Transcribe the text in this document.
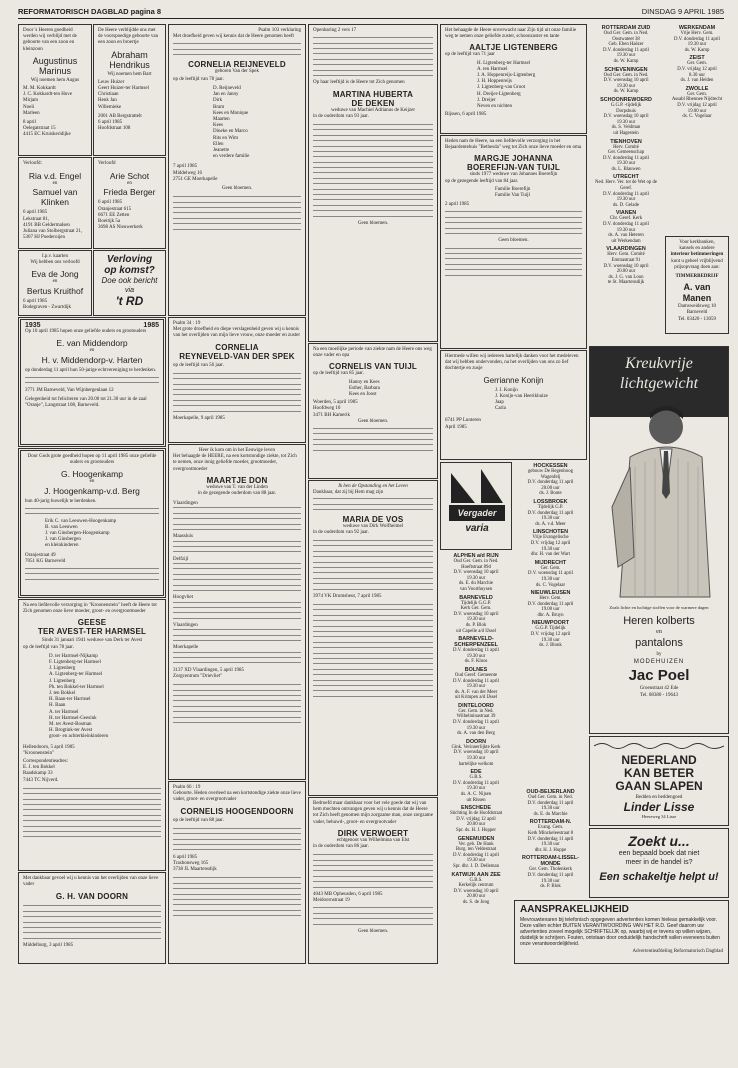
REFORMATORISCH DAGBLAD pagina 8	DINSDAG 9 APRIL 1985
Door 's Heeren goedheid werden wij verblijd met de geboorte van een zoon en kleinzoon
Augustinus Marinus
Wij noemen hem Augus
M. M. Kokkardt
J. C. Kokkardt-ten Hove
Mirjam
Noeli
Marleen
8 april
Oelegatstraat 15
4415 EC Kruiskeridijke
De Heere verblijdde ons met de voorspoedige geboorte van een zoon en broertje
Abraham Hendrikus
Wij noemen hem Bart
Leuw Huizer
Geert Huizer-ter Harmsel
Christiaan
Henk Jan
Willemieke
2001 AB Bergstrattelt
6 april 1985
Hoofdstraat 108
Verloofd:
Ria v.d. Engel
en
Samuel van Klinken
6 april 1985
Lekstraat 81,
4191 BB Geldermalsen
Juliana van Stolbergstraat 21,
5307 HJ Poederoijen
Verloofd
Arie Schot
en
Frieda Berger
6 april 1985
Oranjestraat 615
6671 EE Zetten
Boeitijk 5a
3698 AS Nieuwerkerk
I.p.v. kaarten
Wij hebben ons verloofd
Eva de Jong
en
Bertus Kruithof
6 april 1985
Bodegraven - Zwartdijk
Verloving
op komst?
Doe ook bericht
via
't RD
1935	1985
Op 10 april 1985 hopen onze geliefde ouders en grootouders
E. van Middendorp
en
H. v. Middendorp-v. Harten
op donderdag 11 april hun 50-jarige echtvereniging te herdenken.
3771 JM Barneveld, Van Wijnbergenlaan 12
Gelegenheid tot feliciteren van 20.00 tot 21.30 uur in de zaal "Oranje", Langstraat 108, Barneveld.
Door Gods grote goedheid hopen op 11 april 1985 onze geliefde ouders en grootouders
G. Hoogenkamp
en
J. Hoogenkamp-v.d. Berg
hun 40-jarig huwelijk te herdenken.
Erik C. van Leeuwen-Hoogenkamp
B. van Leeuwen
J. van Ginsbergen-Hoogenkamp
J. van Ginsbergen
en kleinkinderen
Oranjestraat 49
7051 KG Barneveld
Na een liefdevolle verzorging in "Kroonenstein" heeft de Heere tot Zich genomen onze lieve moeder, groot- en overgrootmoeder
GEESE
TER AVEST-TER HARMSEL
Sinds 31 januari 1941 weduwe van Derk ter Avest
op de leeftijd van 78 jaar.
D. ter Harmsel-Nijkamp
F. Ligtenberg-ter Harmsel
J. Ligtenberg
A. Ligtenberg-ter Harmsel
J. Ligtenberg
Ph. ten Bokkel-ter Harmsel
J. ten Bokkel
H. Baan-ter Harmsel
H. Baan
A. ter Harmsel
H. ter Harmsel-Geesink
M. ter Avest-Bosman
H. Brogtink-ter Avest
groot- en achterkleinkinderen
Hellendoorn, 5 april 1985
"Kroonenstein"
Correspondentieadres:
E. J. ten Bokkel
Raadskamp 33
7443 TC Nijverd.
Met dankbaar gevoel wij u kennis van het overlijden van onze lieve vader
G. H. VAN DOORN
Middelburg, 3 april 1985
Psalm 103 verklaring
Met droefheid geven wij kennis dat de Heere genomen heeft
CORNELIA REIJNEVELD
geboren Van der Spek
op de leeftijd van 78 jaar.
D. Reijneveld
Jan en Janny
Dirk
Bram
Kees en Monique
Maarten
Kees
Dineke en Marco
Rits en Wim
Ellen
Jeanette
en verdere familie
7 april 1985
Middelweg 16
2751 GE Moerkapelle
Geen bloemen.
Psalm 34 : 19
Met grote droefheid en diepe verslagenheid geven wij u kennis van het overlijden van mijn lieve vrouw, onze moeder en zuster
CORNELIA
REYNEVELD-VAN DER SPEK
op de leeftijd van 56 jaar.
Moerkapelle, 9 april 1985
Heer ik kom om in het Eeuwige leven
Het behaagde de HEERE, na een kortstondige ziekte, tot Zich te nemen, onze innig geliefde moeder, grootmoeder, overgrootmoeder
MAARTJE DON
weduwe van T. van der Linden
in de gezegende ouderdom van 88 jaar.
Vlaardingen
Maassluis
Delfzijl
Hoogvliet
Vlaardingen
Moerkapelle
3137 XD Vlaardingen, 5 april 1985
Zorgcentrum "Drievliet"
Psalm 66 : 19
Geboorte. Heden overleed na een kortstondige ziekte onze lieve vader, groot- en overgrootvader
CORNELIS HOOGENDOORN
op de leeftijd van 88 jaar.
6 april 1985
Trasbonsweg 165
3738 JL Maartensdijk
Openbaring 2 vers 17
Op haar leeftijd is de Heere tot Zich genomen
MARTINA HUBERTA
DE DEKEN
weduwe van Machiel Adrianus de Keijzer
in de ouderdom van 93 jaar.
Geen bloemen.
Na een moeilijke periode van ziekte nam de Heere ons weg onze vader en opa
CORNELIS VAN TUIJL
op de leeftijd van 85 jaar.
Hanny en Kees
Esther, Barbara
Kees en Joost
Woerden, 5 april 1985
Hoofdweg 10
3471 BH Kamerik
Geen bloemen.
Ik ben de Opstanding en het Leven
Dankbaar, dat zij bij Hem mag zijn
MARIA DE VOS
weduwe van Dirk Wolfheimel
in de ouderdom van 92 jaar.
3974 VK Drumsheut, 7 april 1985
Bedroefd maar dankbaar voor het vele goede dat wij van hem mochten ontvangen geven wij u kennis dat de Heere tot Zich heeft genomen mijn zorgzame man, onze zorgzame vader, behuwd-, groot- en overgrootvader
DIRK VERWOERT
echtgenoot van Wilhelmina van Elst
in de ouderdom van 86 jaar.
4043 MB Opheusden, 6 april 1985
Meidoornstraat 19
Geen bloemen.
Het behaagde de Heere onverwacht naar Zijn tijd uit onze familie weg te nemen onze geliefde zuster, schoonzuster en tante
AALTJE LIGTENBERG
op de leeftijd van 71 jaar
H. Ligtenberg-ter Harmsel
A. ten Harmsel
J. A. Hoppenreijs-Ligtenberg
J. H. Hoppenreijs
J. Ligtenberg-van Groot
H. Dreijer-Ligtenberg
J. Dreijer
Neven en nichten
Rijssen, 6 april 1985
Heden nam de Heere, na een liefdevolle verzorging in het Bejaardentehuis "Bethesda" weg tot Zich onze lieve moeder en oma
MARGJE JOHANNA
BOEREFIJN-VAN TUIJL
sinds 1977 weduwe van Johannes Boerefijn
op de gezegende leeftijd van 84 jaar.
Familie Boerefijn
Familie Van Tuijl
2 april 1985
Geen bloemen.
Hiermede willen wij iedereen hartelijk danken voor het medeleven dat wij hebben ondervonden, na het overlijden van ons zo lief dochtertje en zusje
Gerrianne Konijn
J. J. Konijn
J. Konijn-van Heerikhuize
Jaap
Carla
6741 PP Lunteren
April 1985
Vergader
varia
ALPHEN a/d RIJN

Oud Ger. Gem. in Ned.
Hoeftstraat 89d
D.V. woensdag 10 april
19.30 uur
ds. E. du Marchie
van Voorthuysen

BARNEVELD

Tijdelijk G.G.P.
Kerk Ger. Gem.
D.V. woensdag 10 april
19.30 uur
ds. P. Blok
uit Capelle a/d IJssel

BARNEVELD-SCHERPENZEEL

D.V. donderdag 11 april
19.30 uur
ds. F. Kloos

BOLNES

Oud Geref. Gemeente
D.V. donderdag 11 april
19.30 uur
ds. A. F. van der Meer
uit Krimpen a/d IJssel

DINTELOORD

Ger. Gem. in Ned.
Wilhelminastraat 39
D.V. donderdag 11 april
19.30 uur
ds. A. van den Berg

DOORN

Gink. Verinnerlijkte Kerk
D.V. woensdag 10 april
19.30 uur
hartelijke welkom

EDE

G.B.S.
D.V. donderdag 11 april
19.30 uur
ds. A. C. Nijsen
uit Rissen

ENSCHEDE

Stichting In de Hoofdstraat
D.V. vrijdag 12 april
20.00 uur
Spr. ds. H. J. Hopper

GENEMUIDEN

Ver. geb. De Hank
Burg. ten Veldestraat
D.V. donderdag 11 april
19.30 uur
Spr. dhr. J. D. Delleman

KATWIJK AAN ZEE

G.B.S.
Kerkelijk centrum
D.V. woensdag 10 april
20.00 uur
ds. S. de Jong

HOCKESSEN

gebouw De Regenboog
Wagenfelj
D.V. donderdag 11 april
20.00 uur
ds. J. Boute

LOSSBROEK

Tijdelijk G.P.
D.V. donderdag 11 april
19.30 uur
ds. A. v.d. Meer

LINSCHOTEN

Vrije Evangelische
D.V. vrijdag 12 april
19.30 uur
dhr. H. van der Wart

MIJDRECHT

Ger. Gem.
D.V. woensdag 11 april
19.30 uur
ds. C. Vogelaar

NIEUWLEUSEN

Herv. Gem.
D.V. donderdag 11 april
19.00 uur
dhr. A. Bruyn

NIEUWPOORT

G.G.P. Tijdelijk
D.V. vrijdag 12 april
19.30 uur
ds. J. Blonk

OUD-BEIJERLAND

Oud Ger. Gem. in Ned.
D.V. donderdag 11 april
19.30 uur
ds. E. du Marchie

ROTTERDAM-N.

Evang. Gem.
Kerk Minckeleestraat 8
D.V. donderdag 11 april
19.30 uur
dhr. H. J. Hoppe

ROTTERDAM-LISSEL-MONDE

Ger. Gem. Tholenkerk
D.V. donderdag 11 april
19.30 uur
ds. P. Blok

ROTTERDAM ZUID

Oud Ger. Gem. in Ned.
Oostwateet 38
Geb. Eben Haëzer
D.V. donderdag 11 april
19.30 uur
ds. W. Kamp

SCHEVENINGEN

Oud Ger. Gem. in Ned.
D.V. woensdag 10 april
19.30 uur
ds. W. Kamp

SCHOONREWOERD

G.G.P. -tijdelijk
Dorpshuis
D.V. woensdag 10 april
19.30 uur
ds. S. Veldman
uit Hagestein

TIENHOVEN

Herv. Comité
Ger. Gemeenschap
D.V. donderdag 11 april
19.30 uur
ds. L. Blauwen

UTRECHT

Ned. Herv. Ver. tot de Wet op de Geref.
D.V. donderdag 11 april
19.30 uur
ds. D. Gelade

VIANEN

Chr. Geref. Kerk
D.V. donderdag 11 april
19.30 uur
ds. A. van Heteren
uit Werkendam

VLAARDINGEN

Herv. Gem. Comité
Emmastraat 91
D.V. woensdag 10 april
20.00 uur
ds. J. G. van Loon
te St. Maartensdijk

WERKENDAM

Vrije Herv. Gem.
D.V. donderdag 11 april
19.30 uur
ds. W. Kamp

ZEIST

Ger. Gem.
D.V. vrijdag 12 april
8.30 uur
ds. J. van Helden

ZWOLLE

Ger. Gem.
Assabl Rhennee Nijdrecht
D.V. vrijdag 12 april
19.00 uur
ds. C. Vogelaar

Voor kerkbanken,
kansels en andere
interieur betimmeringen
kunt u geheel vrijblijvend
prijsopvraag doen aan:
TIMMERBEDRIJF
A. van Manen
Damsweidsweg 10
Barneveld
Tel. 03420 - 13059
Kreukvrije
lichtgewicht
Zoals lichte en luchtige stoffen voor de warmere dagen
Heren kolberts
en
pantalons
by
MODEHUIZEN
Jac Poel
Groenstraat 42 Ede
Tel. 08380 - 19643
NEDERLAND
KAN BETER
GAAN SLAPEN
Bedden en beddengoed
Linder Lisse
Heereweg 34 Lisse
Zoekt u...
een bepaald boek dat niet
meer in de handel is?
Een schakeltje helpt u!
AANSPRAKELIJKHEID
Mevrouwtenaren bij telefonisch opgegeven advertenties komen hieleas gemakkelijk voor. Deze vallen echter BUITEN VERANTWOORDING VAN HET R.D. Geef daarom uw advertenties zoveel mogelijk SCHRIFTELIJK op, waarbij wij er tevens op willen wijzen, duidelijk te schrijven. Fouten, ontstaan door onduidelijk handschrift vallen eveneens buiten onze verantwoordelijkheid.
Advertentieafdeling Reformatorisch Dagblad
